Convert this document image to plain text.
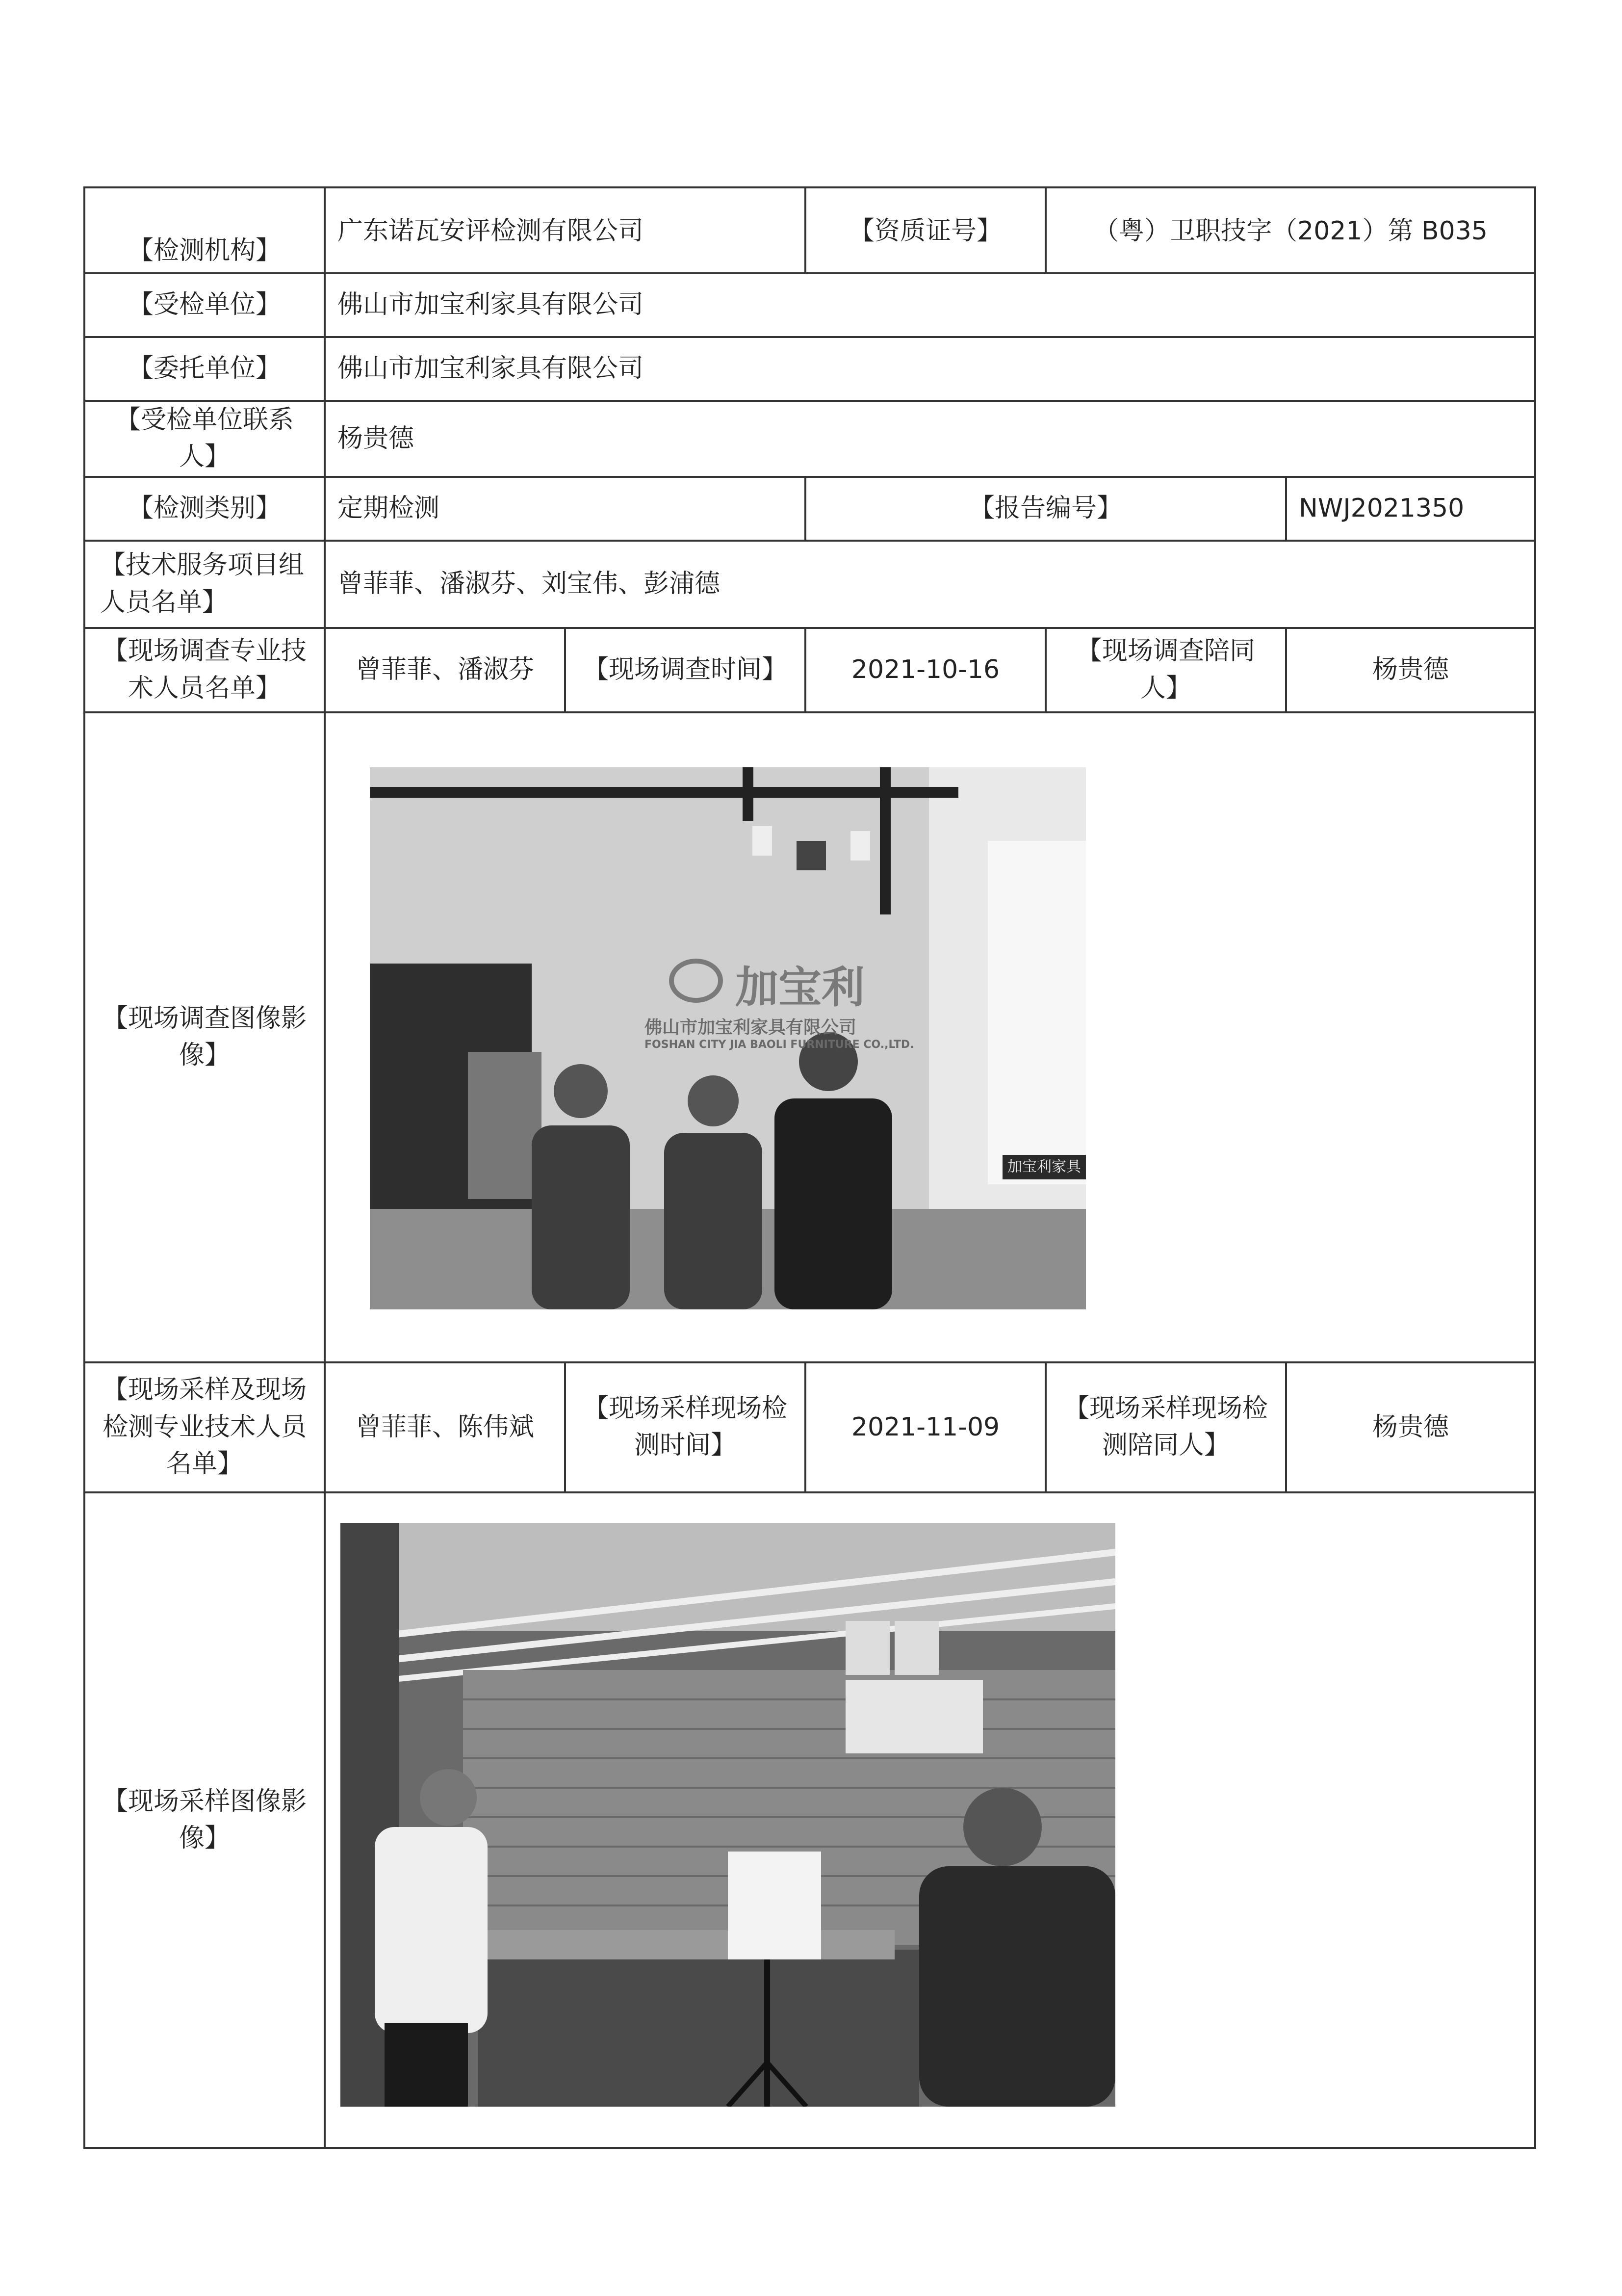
【检测机构】	广东诺瓦安评检测有限公司		【资质证号】	（粤）卫职技字（2021）第 B035	
【受检单位】	佛山市加宝利家具有限公司				
【委托单位】	佛山市加宝利家具有限公司				
【受检单位联系人】	杨贵德				
【检测类别】	定期检测		【报告编号】		NWJ2021350
【技术服务项目组人员名单】	曾菲菲、潘淑芬、刘宝伟、彭浦德				
【现场调查专业技术人员名单】	曾菲菲、潘淑芬	【现场调查时间】	2021-10-16	【现场调查陪同人】	杨贵德
【现场调查图像影像】	加宝利
佛山市加宝利家具有限公司
FOSHAN CITY JIA BAOLI FURNITURE CO.,LTD.
加宝利家具				

【现场采样及现场检测专业技术人员名单】	曾菲菲、陈伟斌	【现场采样现场检测时间】	2021-11-09	【现场采样现场检测陪同人】	杨贵德
【现场采样图像影像】	
